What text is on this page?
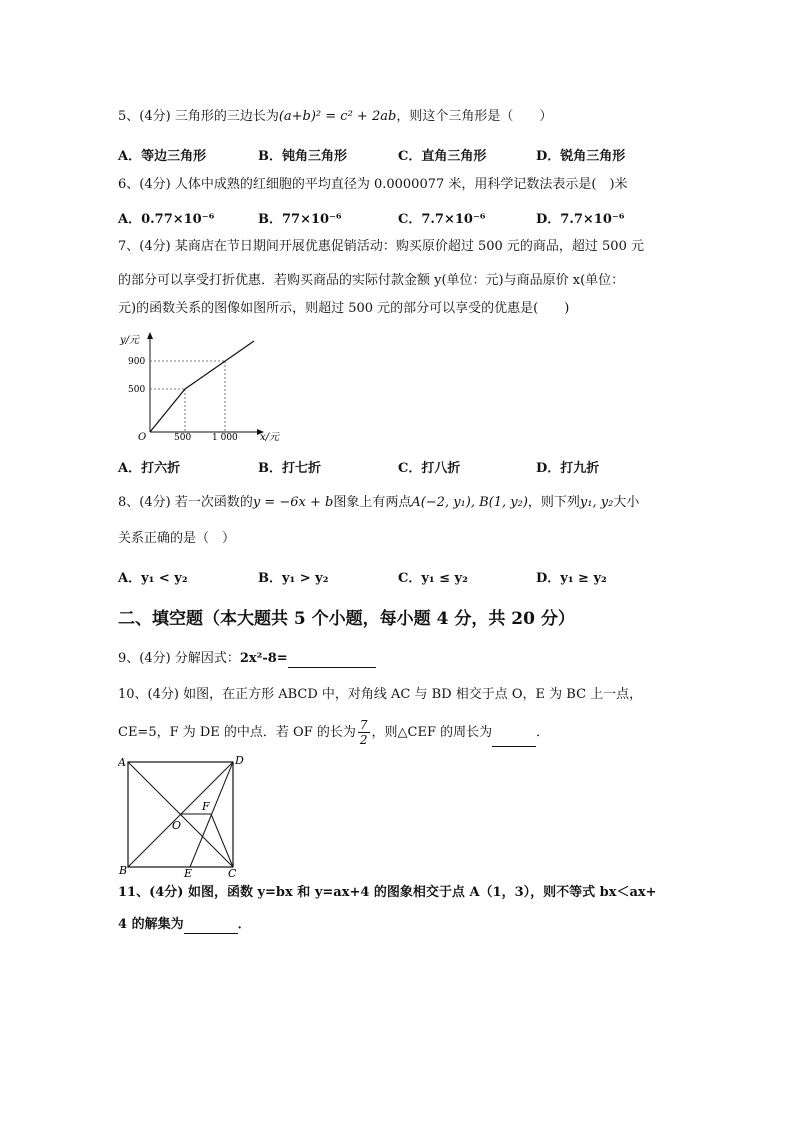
5、(4分) 三角形的三边长为(a+b)² = c² + 2ab，则这个三角形是（　　）
A．等边三角形	B．钝角三角形	C．直角三角形	D．锐角三角形
6、(4分) 人体中成熟的红细胞的平均直径为 0.0000077 米，用科学记数法表示是(　)米
A．0.77×10⁻⁶	B．77×10⁻⁶	C．7.7×10⁻⁶	D．7.7×10⁻⁶
7、(4分) 某商店在节日期间开展优惠促销活动：购买原价超过 500 元的商品，超过 500 元
的部分可以享受打折优惠．若购买商品的实际付款金额 y(单位：元)与商品原价 x(单位：
元)的函数关系的图像如图所示，则超过 500 元的部分可以享受的优惠是(　　)
y/元
900
500
O	500 1 000 x/元
A．打六折	B．打七折	C．打八折	D．打九折
8、(4分) 若一次函数的y = −6x + b图象上有两点A(−2, y₁), B(1, y₂)，则下列y₁, y₂大小
关系正确的是（　）
A．y₁ < y₂	B．y₁ > y₂	C．y₁ ≤ y₂	D．y₁ ≥ y₂
二、填空题（本大题共 5 个小题，每小题 4 分，共 20 分）
9、(4分) 分解因式：2x²-8=
10、(4分) 如图，在正方形 ABCD 中，对角线 AC 与 BD 相交于点 O，E 为 BC 上一点，
CE=5，F 为 DE 的中点．若 OF 的长为 $\frac{7}{2}$ ，则△CEF 的周长为	．
A	D
B	C
E
O
F
11、(4分) 如图，函数 y=bx 和 y=ax+4 的图象相交于点 A（1，3），则不等式 bx＜ax+
4 的解集为	．
